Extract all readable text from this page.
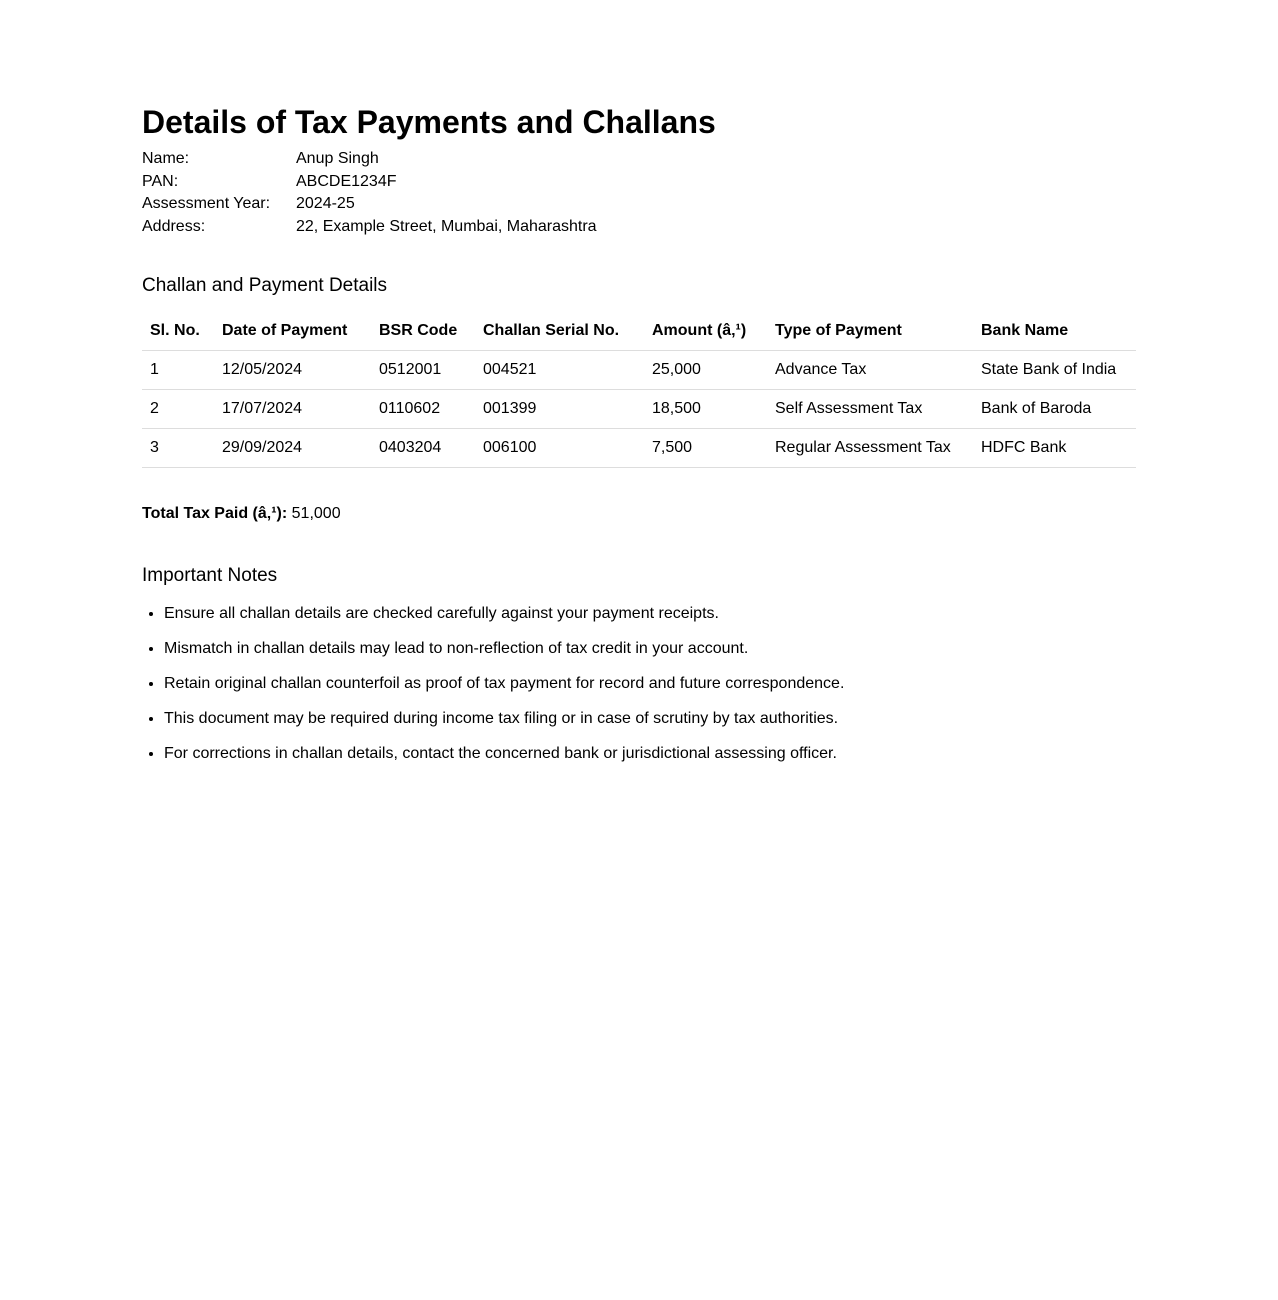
Details of Tax Payments and Challans
Name:	Anup Singh
PAN:	ABCDE1234F
Assessment Year:	2024-25
Address:	22, Example Street, Mumbai, Maharashtra
Challan and Payment Details
Sl. No.	Date of Payment	BSR Code	Challan Serial No.	Amount (â‚¹)	Type of Payment	Bank Name
1	12/05/2024	0512001	004521	25,000	Advance Tax	State Bank of India
2	17/07/2024	0110602	001399	18,500	Self Assessment Tax	Bank of Baroda
3	29/09/2024	0403204	006100	7,500	Regular Assessment Tax	HDFC Bank
Total Tax Paid (â‚¹): 51,000
Important Notes
• Ensure all challan details are checked carefully against your payment receipts.
• Mismatch in challan details may lead to non-reflection of tax credit in your account.
• Retain original challan counterfoil as proof of tax payment for record and future correspondence.
• This document may be required during income tax filing or in case of scrutiny by tax authorities.
• For corrections in challan details, contact the concerned bank or jurisdictional assessing officer.
